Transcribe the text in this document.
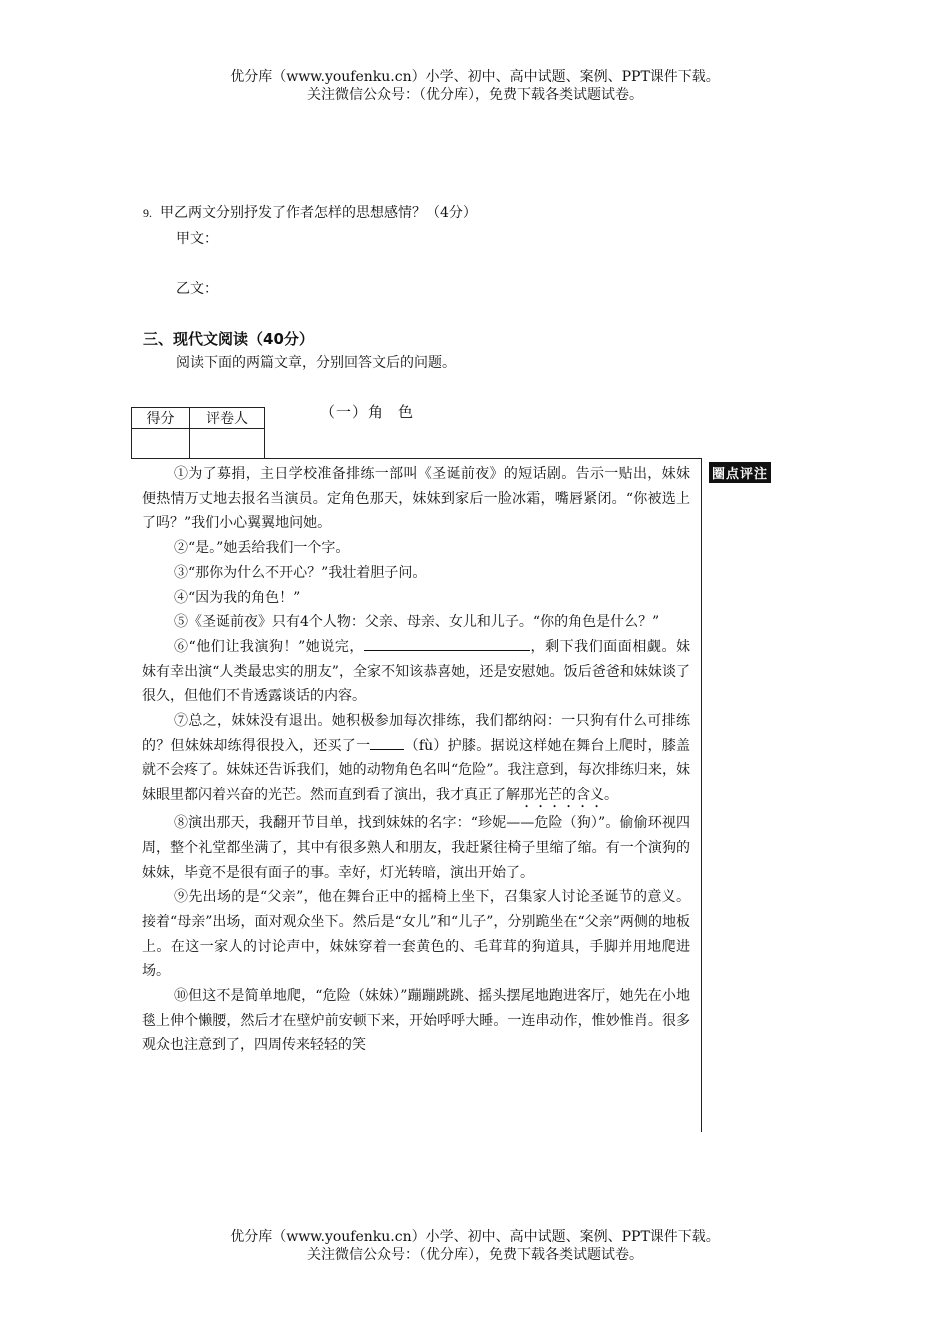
优分库（www.youfenku.cn）小学、初中、高中试题、案例、PPT课件下载。
关注微信公众号：（优分库），免费下载各类试题试卷。
9. 甲乙两文分别抒发了作者怎样的思想感情？（4分）
甲文：
乙文：
三、现代文阅读（40分）
阅读下面的两篇文章，分别回答文后的问题。
得分	评卷人
		（一）角 色

①为了募捐，主日学校准备排练一部叫《圣诞前夜》的短话剧。告示一贴出，妹妹便热情万丈地去报名当演员。定角色那天，妹妹到家后一脸冰霜，嘴唇紧闭。“你被选上了吗？”我们小心翼翼地问她。

②“是。”她丢给我们一个字。

③“那你为什么不开心？”我壮着胆子问。

④“因为我的角色！”

⑤《圣诞前夜》只有4个人物：父亲、母亲、女儿和儿子。“你的角色是什么？”

⑥“他们让我演狗！”她说完，	，剩下我们面面相觑。妹妹有幸出演“人类最忠实的朋友”，全家不知该恭喜她，还是安慰她。饭后爸爸和妹妹谈了很久，但他们不肯透露谈话的内容。

⑦总之，妹妹没有退出。她积极参加每次排练，我们都纳闷：一只狗有什么可排练的？但妹妹却练得很投入，还买了一 （fù）护膝。据说这样她在舞台上爬时，膝盖就不会疼了。妹妹还告诉我们，她的动物角色名叫“危险”。我注意到，每次排练归来，妹妹眼里都闪着兴奋的光芒。然而直到看了演出，我才真正了解那光芒的含义。

⑧演出那天，我翻开节目单，找到妹妹的名字：“珍妮——危险（狗）”。偷偷环视四周，整个礼堂都坐满了，其中有很多熟人和朋友，我赶紧往椅子里缩了缩。有一个演狗的妹妹，毕竟不是很有面子的事。幸好，灯光转暗，演出开始了。

⑨先出场的是“父亲”，他在舞台正中的摇椅上坐下，召集家人讨论圣诞节的意义。接着“母亲”出场，面对观众坐下。然后是“女儿”和“儿子”，分别跪坐在“父亲”两侧的地板上。在这一家人的讨论声中，妹妹穿着一套黄色的、毛茸茸的狗道具，手脚并用地爬进场。

⑩但这不是简单地爬，“危险（妹妹）”蹦蹦跳跳、摇头摆尾地跑进客厅，她先在小地毯上伸个懒腰，然后才在壁炉前安顿下来，开始呼呼大睡。一连串动作，惟妙惟肖。很多观众也注意到了，四周传来轻轻的笑

圈点评注
优分库（www.youfenku.cn）小学、初中、高中试题、案例、PPT课件下载。
关注微信公众号：（优分库），免费下载各类试题试卷。
